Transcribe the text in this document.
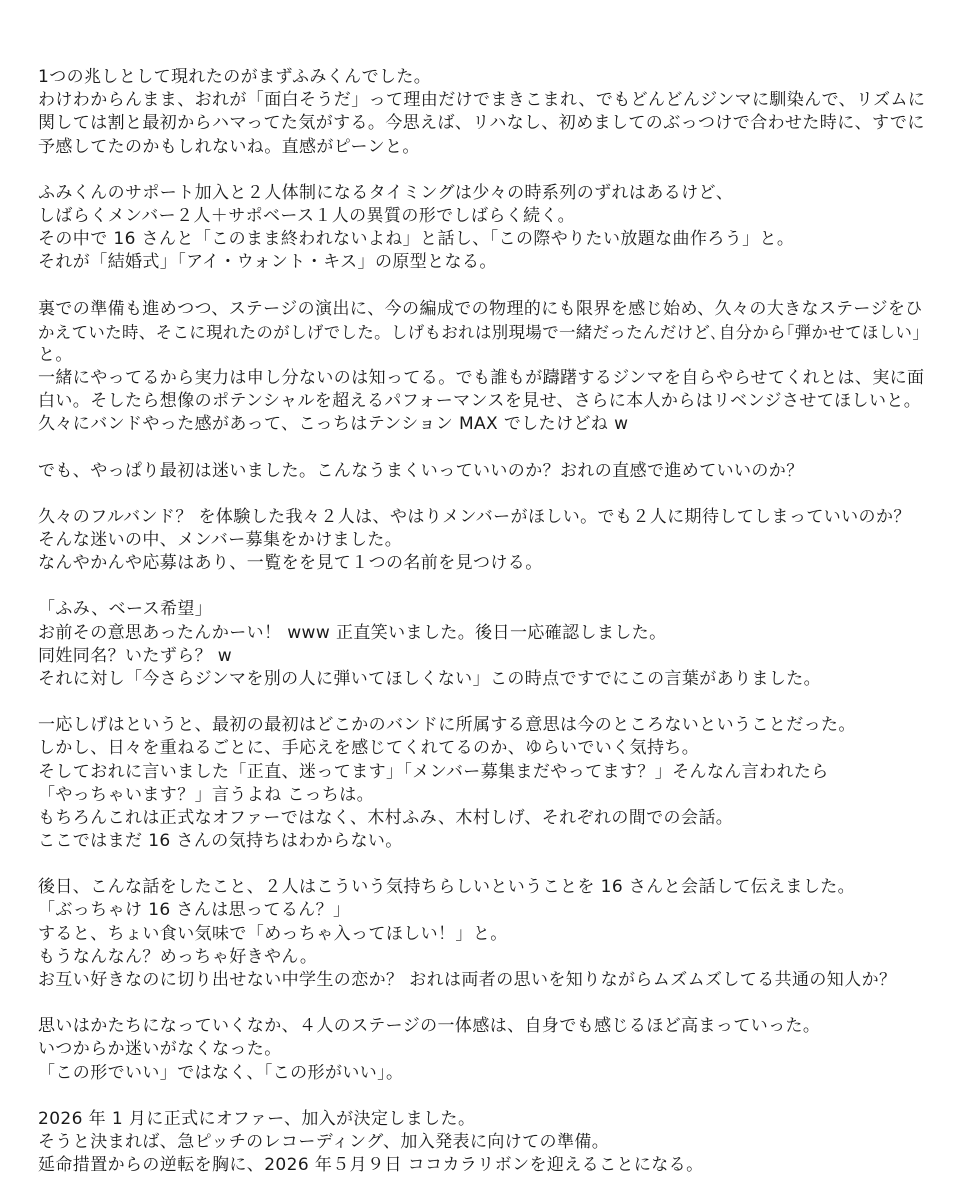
1つの兆しとして現れたのがまずふみくんでした。
わけわからんまま、おれが「面白そうだ」って理由だけでまきこまれ、でもどんどんジンマに馴染んで、リズムに
関しては割と最初からハマってた気がする。今思えば、リハなし、初めましてのぶっつけで合わせた時に、すでに
予感してたのかもしれないね。直感がピーンと。
ふみくんのサポート加入と２人体制になるタイミングは少々の時系列のずれはあるけど、
しばらくメンバー２人＋サポベース１人の異質の形でしばらく続く。
その中で 16 さんと「このまま終われないよね」と話し、「この際やりたい放題な曲作ろう」と。
それが「結婚式」「アイ・ウォント・キス」の原型となる。
裏での準備も進めつつ、ステージの演出に、今の編成での物理的にも限界を感じ始め、久々の大きなステージをひ
かえていた時、そこに現れたのがしげでした。しげもおれは別現場で一緒だったんだけど､自分から｢弾かせてほしい｣
と。
一緒にやってるから実力は申し分ないのは知ってる。でも誰もが躊躇するジンマを自らやらせてくれとは、実に面
白い。そしたら想像のポテンシャルを超えるパフォーマンスを見せ、さらに本人からはリベンジさせてほしいと。
久々にバンドやった感があって、こっちはテンション MAX でしたけどね w
でも、やっぱり最初は迷いました。こんなうまくいっていいのか？おれの直感で進めていいのか？
久々のフルバンド？ を体験した我々２人は、やはりメンバーがほしい。でも２人に期待してしまっていいのか？
そんな迷いの中、メンバー募集をかけました。
なんやかんや応募はあり、一覧をを見て１つの名前を見つける。
「ふみ、ベース希望」
お前その意思あったんかーい！ www 正直笑いました。後日一応確認しました。
同姓同名？いたずら？ w
それに対し「今さらジンマを別の人に弾いてほしくない」この時点ですでにこの言葉がありました。
一応しげはというと、最初の最初はどこかのバンドに所属する意思は今のところないということだった。
しかし、日々を重ねるごとに、手応えを感じてくれてるのか、ゆらいでいく気持ち。
そしておれに言いました「正直、迷ってます」「メンバー募集まだやってます？」そんなん言われたら
「やっちゃいます？」言うよね こっちは。
もちろんこれは正式なオファーではなく、木村ふみ、木村しげ、それぞれの間での会話。
ここではまだ 16 さんの気持ちはわからない。
後日、こんな話をしたこと、２人はこういう気持ちらしいということを 16 さんと会話して伝えました。
「ぶっちゃけ 16 さんは思ってるん？」
すると、ちょい食い気味で「めっちゃ入ってほしい！」と。
もうなんなん？めっちゃ好きやん。
お互い好きなのに切り出せない中学生の恋か？ おれは両者の思いを知りながらムズムズしてる共通の知人か？
思いはかたちになっていくなか、４人のステージの一体感は、自身でも感じるほど高まっていった。
いつからか迷いがなくなった。
「この形でいい」ではなく、「この形がいい」。
2026 年 1 月に正式にオファー、加入が決定しました。
そうと決まれば、急ピッチのレコーディング、加入発表に向けての準備。
延命措置からの逆転を胸に、2026 年５月９日 ココカラリボンを迎えることになる。
